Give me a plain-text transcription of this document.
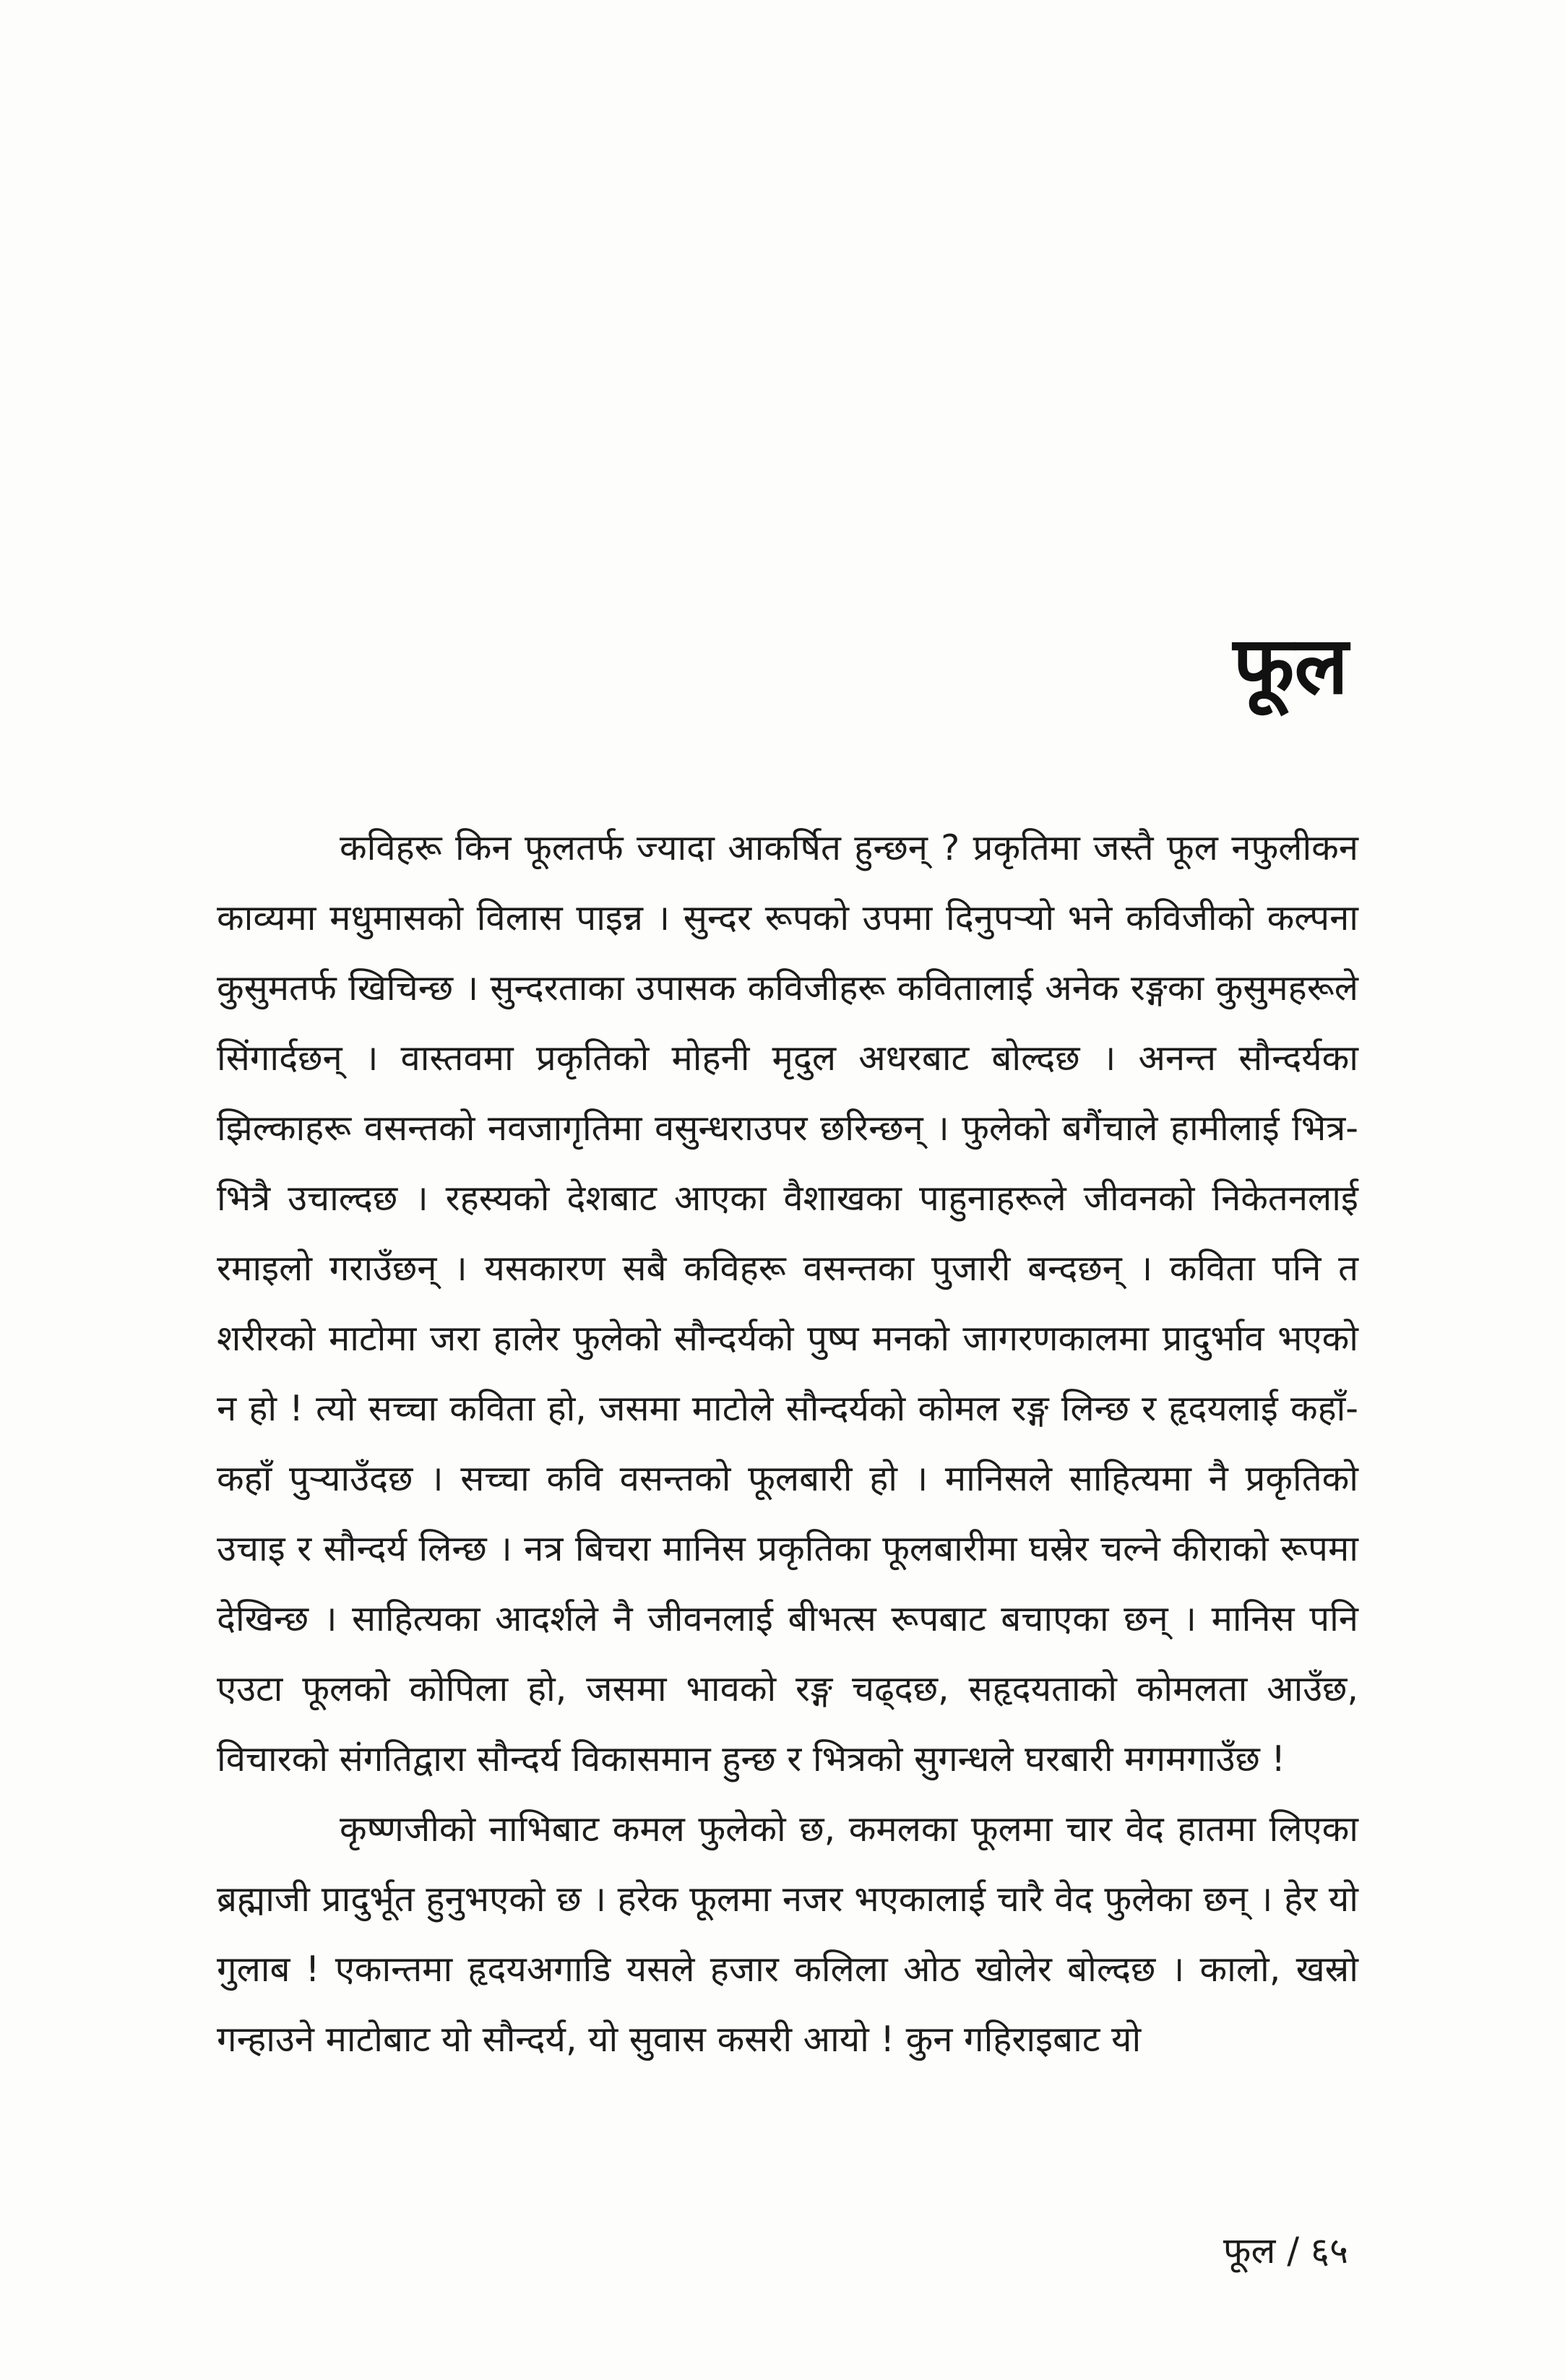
फूल

कविहरू किन फूलतर्फ ज्यादा आकर्षित हुन्छन् ? प्रकृतिमा जस्तै फूल नफुलीकन काव्यमा मधुमासको विलास पाइन्न । सुन्दर रूपको उपमा दिनुपर्‍यो भने कविजीको कल्पना कुसुमतर्फ खिचिन्छ । सुन्दरताका उपासक कविजीहरू कवितालाई अनेक रङ्गका कुसुमहरूले सिंगार्दछन् । वास्तवमा प्रकृतिको मोहनी मृदुल अधरबाट बोल्दछ । अनन्त सौन्दर्यका झिल्काहरू वसन्तको नवजागृतिमा वसुन्धराउपर छरिन्छन् । फुलेको बगैंचाले हामीलाई भित्र-भित्रै उचाल्दछ । रहस्यको देशबाट आएका वैशाखका पाहुनाहरूले जीवनको निकेतनलाई रमाइलो गराउँछन् । यसकारण सबै कविहरू वसन्तका पुजारी बन्दछन् । कविता पनि त शरीरको माटोमा जरा हालेर फुलेको सौन्दर्यको पुष्प मनको जागरणकालमा प्रादुर्भाव भएको न हो ! त्यो सच्चा कविता हो, जसमा माटोले सौन्दर्यको कोमल रङ्ग लिन्छ र हृदयलाई कहाँ-कहाँ पुर्‍याउँदछ । सच्चा कवि वसन्तको फूलबारी हो । मानिसले साहित्यमा नै प्रकृतिको उचाइ र सौन्दर्य लिन्छ । नत्र बिचरा मानिस प्रकृतिका फूलबारीमा घस्रेर चल्ने कीराको रूपमा देखिन्छ । साहित्यका आदर्शले नै जीवनलाई बीभत्स रूपबाट बचाएका छन् । मानिस पनि एउटा फूलको कोपिला हो, जसमा भावको रङ्ग चढ्दछ, सहृदयताको कोमलता आउँछ, विचारको संगतिद्वारा सौन्दर्य विकासमान हुन्छ र भित्रको सुगन्धले घरबारी मगमगाउँछ !

कृष्णजीको नाभिबाट कमल फुलेको छ, कमलका फूलमा चार वेद हातमा लिएका ब्रह्माजी प्रादुर्भूत हुनुभएको छ । हरेक फूलमा नजर भएकालाई चारै वेद फुलेका छन् । हेर यो गुलाब ! एकान्तमा हृदयअगाडि यसले हजार कलिला ओठ खोलेर बोल्दछ । कालो, खस्रो गन्हाउने माटोबाट यो सौन्दर्य, यो सुवास कसरी आयो ! कुन गहिराइबाट यो

फूल / ६५
